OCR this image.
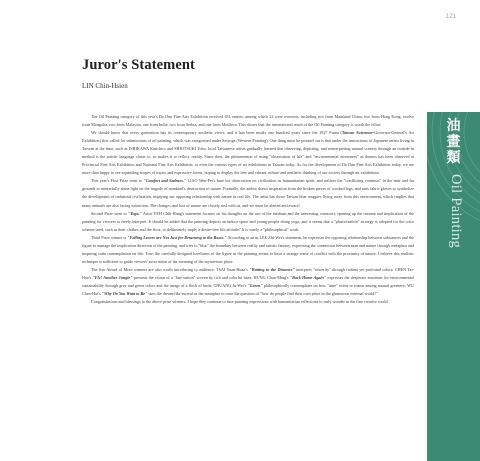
121
Juror's Statement
LIN Chin-Hsien

The Oil Painting category of this year's Da Dun Fine Arts Exhibition received 451 entries, among which 22 were overseas, including two from Mainland China, two from Hong Kong, twelve from Mongolia, two from Malaysia, one from India, two from Serbia, and one from Moldova. This shows that the international reach of the Oil Painting category is worth the effort.

We should know that every generation has its contemporary aesthetic views, and it has been nearly one hundred years since the 1927 Futen (Taiwan Sotenran=Governor-General's Art Exhibition) first called for submissions of oil painting, which was categorised under Seiyoga (Western Painting). One thing must be pointed out is that under the instructions of Japanese artists living in Taiwan at the time, such as ISHIKAWA Kinichiro and SHIOTSUKI Toho, local Taiwanese artists gradually learned that observing, depicting, and reinterpreting natural scenery through an outside-in method is the artistic language closer to, or makes it to reflect, reality. Since then, the phenomenon of using "observation of life" and "environmental awareness" as themes has been observed at Provincial Fine Arts Exhibition and National Fine Arts Exhibition, or even the various types of art exhibitions in Taiwan today. As for the development of Da Dun Fine Arts Exhibition today, we are more than happy to see expanding scopes of topics and expressive forms, hoping to display the free and vibrant culture and aesthetic thinking of our society through art exhibitions.

This year's First Prize went to "Comfort and Sadness." LIAO Wen-Pei's base his observation on civilization as humanitarian spirit, and utilizes the "conflicting contrasts" in the near and far grounds to masterfully shine light on the tragedy of mankind's destruction of nature. Formally, the author draws inspiration from the broken pieces of cracked logs, and uses fabric gloves to symbolize the development of industrial civilization, implying our opposing relationship with nature in real life. The artist has those Taiwan blue magpies flying away from this environment, which implies that many animals are also facing extinction. The changes and loss of nature are closely tied with us, and we must be alerted and aware!

Second Prize went to "Yoga." Artist YEH Chih-Hung's statement focuses on his thoughts on the use of the medium and the interesting construct, opening up the content and implication of the painting for viewers to freely interpret. It should be added that the painting depicts an indoor space and young people doing yoga, and it seems that a "plasticization" strategy is adopted for the color scheme used, such as their clothes and the floor, to deliberately imply a desire-free life attitude? It is surely a "philosophical" work.

Third Prize winner is "Falling Leaves are Not Just for Returning to the Roots." According to artist LEE Zhi-Wei's statement, he expresses the opposing relationship between substances and the figure to manage the implication direction of the painting, and tries to "blur" the boundary between reality and artistic fantasy, expressing the connection between man and nature through metaphor and inspiring calm contemplation on life. True, the carefully designed loveliness of the figure in the painting seems to have a strange sense of conflict with the proximity of nature. I believe this realistic technique is sufficient to guide viewers' association of the meaning of the mysterious place.

The five Award of Merit winners are also worth introducing to audience. TSAI Yuan-Huan's "Waiting in the Distance" interprets "sincerity" through radiant yet profound colors; CHEN Tai-Hao's "Fly! Another Jungle" presents the vision of a "fine nation" woven by rich and colorful lines; HUNG Chun-Ming's "Back Home Again" expresses the desperate emotions for environmental sustainability through grey and green colors and the image of a flock of birds; CHUANG Ju-Wei's "Green" philosophically contemplates on how "time" exists or roams among natural greenery; WU Chen-Hui's "Why Do You Want to Be" uses the dream-like surreal as the metaphor to raise the question of "how do people find their own place in the glamorous external world?"

Congratulations and blessings to the above prize winners. I hope they continue to fuse painting expressions with humanitarian reflections to truly wonder in the fine creative world.

油
畫
類
Oil Painting
